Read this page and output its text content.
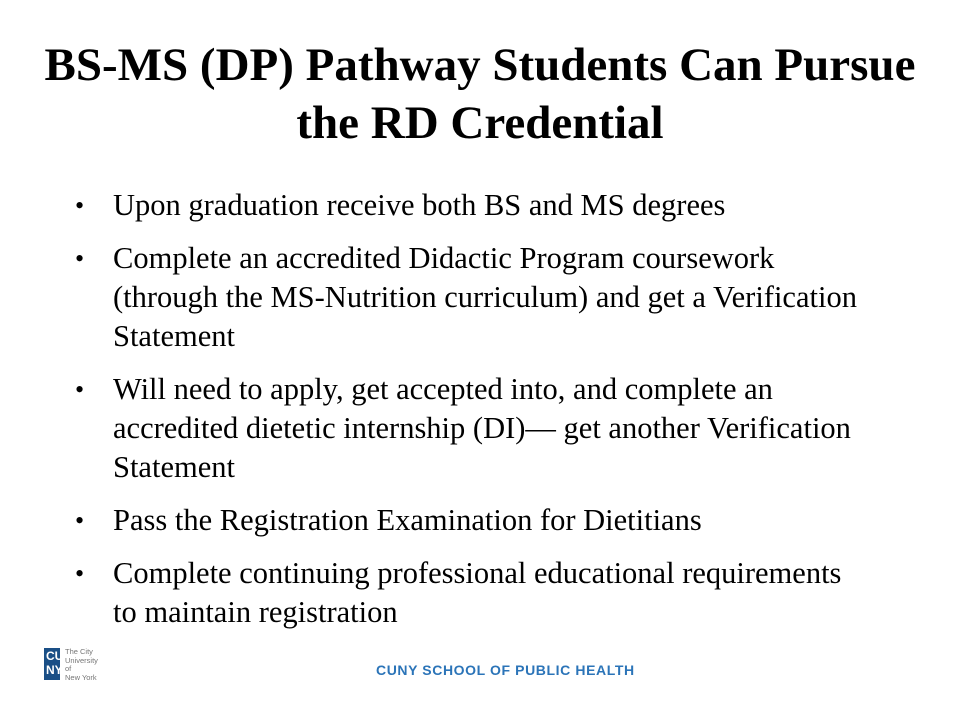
BS-MS (DP) Pathway Students Can Pursue the RD Credential
• Upon graduation receive both BS and MS degrees
• Complete an accredited Didactic Program coursework (through the MS-Nutrition curriculum) and get a Verification Statement
• Will need to apply, get accepted into, and complete an accredited dietetic internship (DI)— get another Verification Statement
• Pass the Registration Examination for Dietitians
• Complete continuing professional educational requirements to maintain registration
CU NY
The City
University
of
New York	CUNY SCHOOL OF PUBLIC HEALTH
